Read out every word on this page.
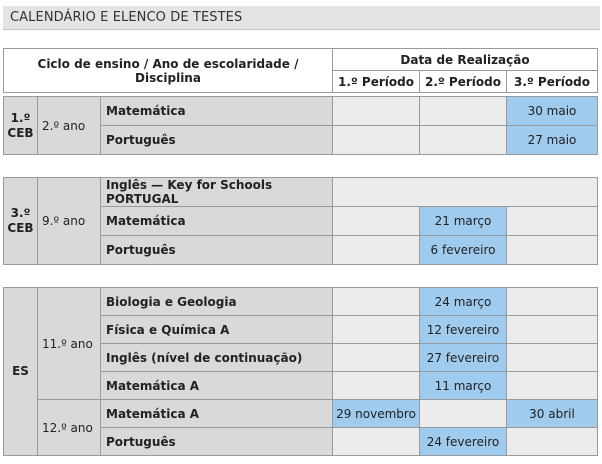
CALENDÁRIO E ELENCO DE TESTES
Ciclo de ensino / Ano de escolaridade / Disciplina	Data de Realização		
	1.º Período	2.º Período	3.º Período
1.º
CEB	2.º ano	Matemática			30 maio
		Português			27 maio
3.º
CEB	9.º ano	Inglês — Key for Schools PORTUGAL			
		Matemática		21 março	
		Português		6 fevereiro	
ES	11.º ano	Biologia e Geologia		24 março	
		Física e Química A		12 fevereiro	
		Inglês (nível de continuação)		27 fevereiro	
		Matemática A		11 março	
	12.º ano	Matemática A	29 novembro		30 abril
		Português		24 fevereiro	
